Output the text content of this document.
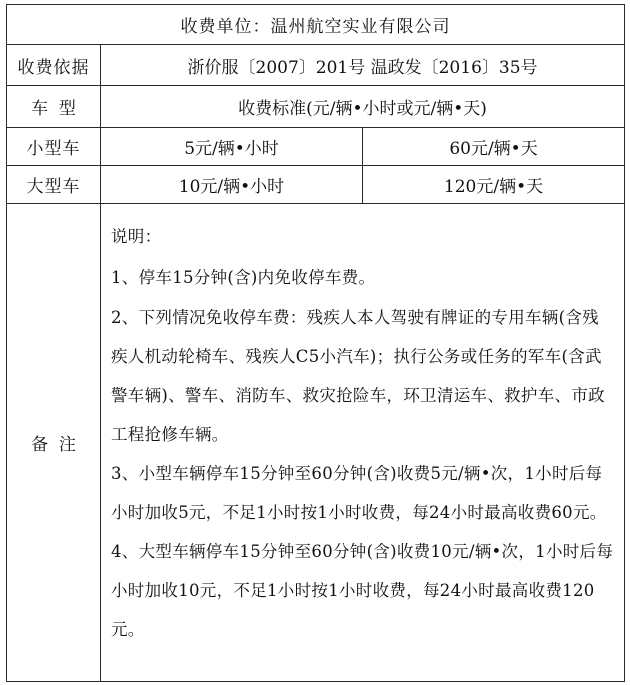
收费单位：温州航空实业有限公司		
收费依据	浙价服〔2007〕201号 温政发〔2016〕35号	
车  型	收费标准(元/辆•小时或元/辆•天)	
小型车	5元/辆•小时	60元/辆•天
大型车	10元/辆•小时	120元/辆•天
备  注	说明：

1、停车15分钟(含)内免收停车费。

2、下列情况免收停车费：残疾人本人驾驶有牌证的专用车辆(含残疾人机动轮椅车、残疾人C5小汽车)；执行公务或任务的军车(含武警车辆)、警车、消防车、救灾抢险车，环卫清运车、救护车、市政工程抢修车辆。

3、小型车辆停车15分钟至60分钟(含)收费5元/辆•次，1小时后每小时加收5元，不足1小时按1小时收费，每24小时最高收费60元。

4、大型车辆停车15分钟至60分钟(含)收费10元/辆•次，1小时后每小时加收10元，不足1小时按1小时收费，每24小时最高收费120元。	
